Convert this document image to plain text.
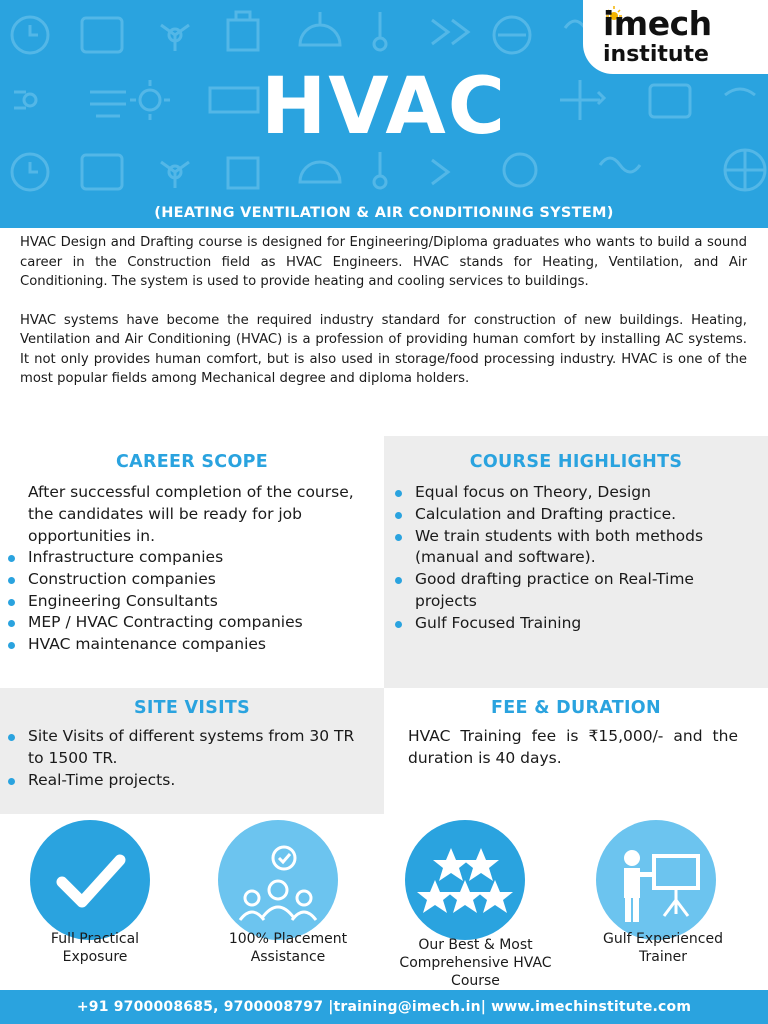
imech
institute
HVAC
(HEATING VENTILATION & AIR CONDITIONING SYSTEM)

HVAC Design and Drafting course is designed for Engineering/Diploma graduates who wants to build a sound career in the Construction field as HVAC Engineers. HVAC stands for Heating, Ventilation, and Air Conditioning. The system is used to provide heating and cooling services to buildings.

HVAC systems have become the required industry standard for construction of new buildings. Heating, Ventilation and Air Conditioning (HVAC) is a profession of providing human comfort by installing AC systems. It not only provides human comfort, but is also used in storage/food processing industry. HVAC is one of the most popular fields among Mechanical degree and diploma holders.

CAREER SCOPE
After successful completion of the course, the candidates will be ready for job opportunities in.
Infrastructure companies
Construction companies
Engineering Consultants
MEP / HVAC Contracting companies
HVAC maintenance companies
COURSE HIGHLIGHTS
Equal focus on Theory, Design
Calculation and Drafting practice.
We train students with both methods (manual and software).
Good drafting practice on Real-Time projects
Gulf Focused Training
SITE VISITS
Site Visits of different systems from 30 TR to 1500 TR.
Real-Time projects.
FEE & DURATION
HVAC Training fee is ₹15,000/- and the duration is 40 days.
Full Practical Exposure
100% Placement Assistance
Our Best & Most Comprehensive HVAC Course
Gulf Experienced Trainer
+91 9700008685, 9700008797 |training@imech.in| www.imechinstitute.com
